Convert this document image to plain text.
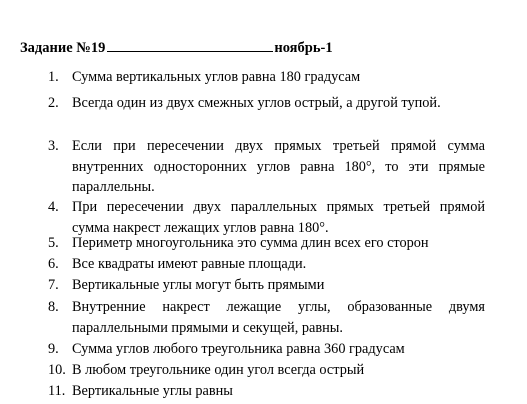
Задание №19	ноябрь-1
1. Сумма вертикальных углов равна 180 градусам
2. Всегда один из двух смежных углов острый, а другой тупой.
3. Если при пересечении двух прямых третьей прямой сумма внутренних односторонних углов равна 180°, то эти прямые параллельны.
4. При пересечении двух параллельных прямых третьей прямой сумма накрест лежащих углов равна 180°.
5. Периметр многоугольника это сумма длин всех его сторон
6. Все квадраты имеют равные площади.
7. Вертикальные углы могут быть прямыми
8. Внутренние накрест лежащие углы, образованные двумя параллельными прямыми и секущей, равны.
9. Сумма углов любого треугольника равна 360 градусам
10. В любом треугольнике один угол всегда острый
11. Вертикальные углы равны
